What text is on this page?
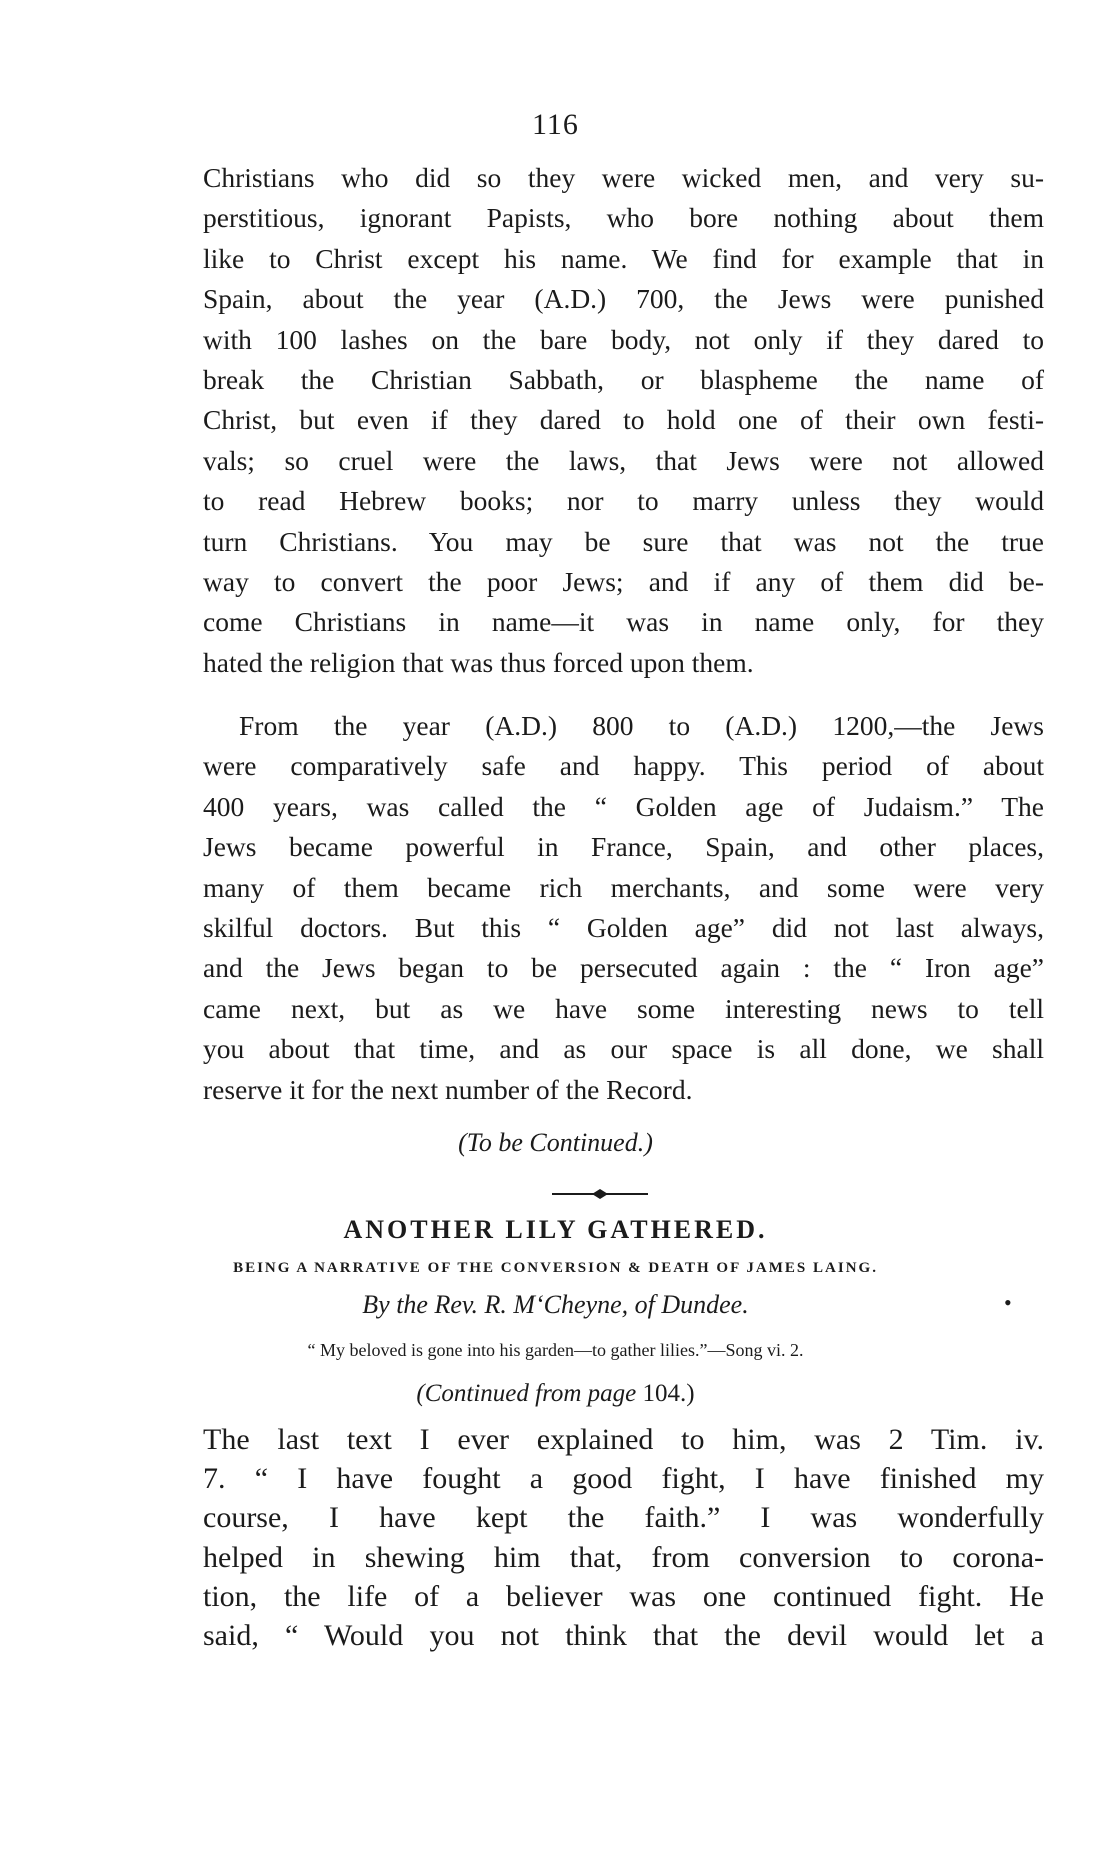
116
Christians who did so they were wicked men, and very su-
perstitious, ignorant Papists, who bore nothing about them
like to Christ except his name. We find for example that in
Spain, about the year (A.D.) 700, the Jews were punished
with 100 lashes on the bare body, not only if they dared to
break the Christian Sabbath, or blaspheme the name of
Christ, but even if they dared to hold one of their own festi-
vals; so cruel were the laws, that Jews were not allowed
to read Hebrew books; nor to marry unless they would
turn Christians. You may be sure that was not the true
way to convert the poor Jews; and if any of them did be-
come Christians in name—it was in name only, for they
hated the religion that was thus forced upon them.
From the year (A.D.) 800 to (A.D.) 1200,—the Jews
were comparatively safe and happy. This period of about
400 years, was called the “ Golden age of Judaism.” The
Jews became powerful in France, Spain, and other places,
many of them became rich merchants, and some were very
skilful doctors. But this “ Golden age” did not last always,
and the Jews began to be persecuted again : the “ Iron age”
came next, but as we have some interesting news to tell
you about that time, and as our space is all done, we shall
reserve it for the next number of the Record.
(To be Continued.)
ANOTHER LILY GATHERED.
BEING A NARRATIVE OF THE CONVERSION & DEATH OF JAMES LAING.
By the Rev. R. M‘Cheyne, of Dundee.	•
“ My beloved is gone into his garden—to gather lilies.”—Song vi. 2.
(Continued from page 104.)
The last text I ever explained to him, was 2 Tim. iv.
7. “ I have fought a good fight, I have finished my
course, I have kept the faith.” I was wonderfully
helped in shewing him that, from conversion to corona-
tion, the life of a believer was one continued fight. He
said, “ Would you not think that the devil would let a
